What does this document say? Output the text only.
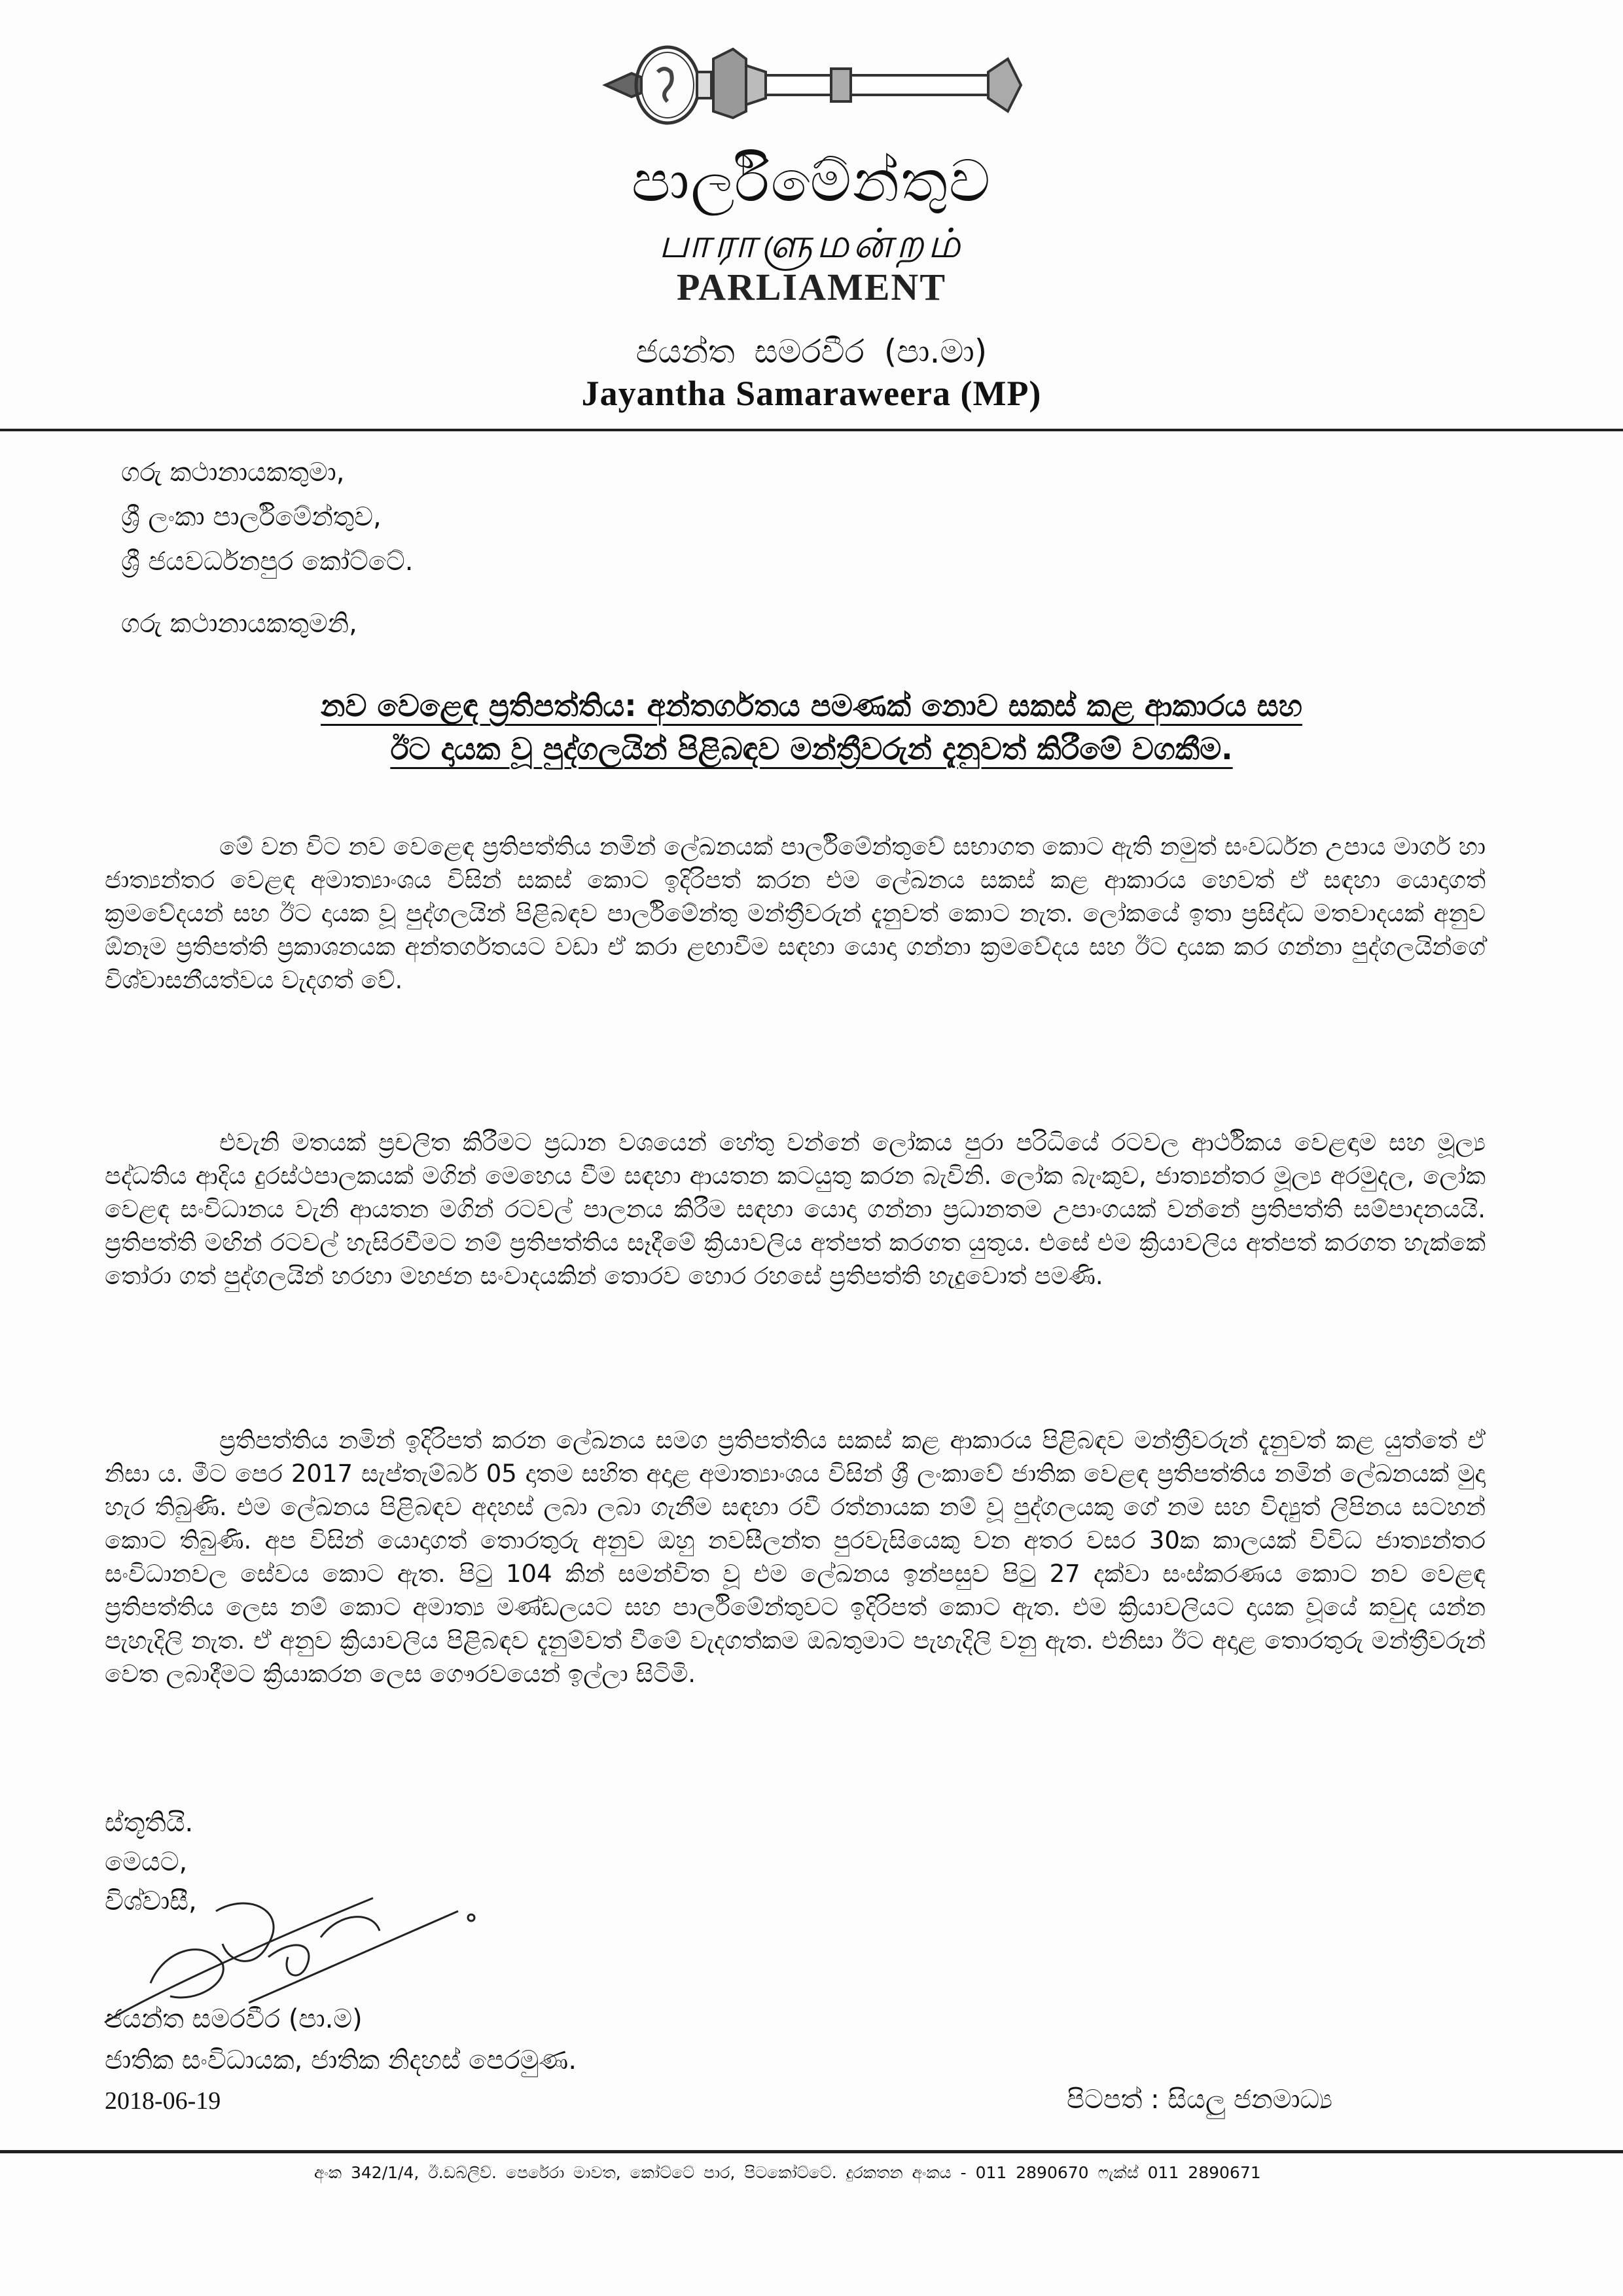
පාර්ලිමේන්තුව
பாராளுமன்றம்
PARLIAMENT
ජයන්ත සමරවීර (පා.මා)
Jayantha Samaraweera (MP)
ගරු කථානායකතුමා,
ශ්‍රී ලංකා පාර්ලිමේන්තුව,
ශ්‍රී ජයවර්ධනපුර කෝට්ටේ.
ගරු කථානායකතුමනි,
නව වෙළෙඳ ප්‍රතිපත්තිය: අන්තර්ගතය පමණක් නොව සකස් කළ ආකාරය සහ
ඊට දායක වූ පුද්ගලයින් පිළිබඳව මන්ත්‍රීවරුන් දැනුවත් කිරීමේ වගකීම.

මේ වන විට නව වෙළෙඳ ප්‍රතිපත්තිය නමින් ලේඛනයක් පාර්ලිමේන්තුවේ සභාගත කොට ඇති නමුත් සංවර්ධන උපාය මාර්ග හා ජාත්‍යන්තර වෙළඳ අමාත්‍යාංශය විසින් සකස් කොට ඉදිරිපත් කරන එම ලේඛනය සකස් කළ ආකාරය හෙවත් ඒ සඳහා යොදාගත් ක්‍රමවේදයන් සහ ඊට දායක වූ පුද්ගලයින් පිළිබඳව පාර්ලිමේන්තු මන්ත්‍රීවරුන් දැනුවත් කොට නැත. ලෝකයේ ඉතා ප්‍රසිද්ධ මතවාදයක් අනුව ඕනෑම ප්‍රතිපත්ති ප්‍රකාශනයක අන්තර්ගතයට වඩා ඒ කරා ළඟාවීම සඳහා යොදා ගන්නා ක්‍රමවේදය සහ ඊට දායක කර ගන්නා පුද්ගලයින්ගේ විශ්වාසනීයත්වය වැදගත් වේ.

එවැනි මතයක් ප්‍රචලිත කිරීමට ප්‍රධාන වශයෙන් හේතු වන්නේ ලෝකය පුරා පරිධියේ රටවල ආර්ථිකය වෙළඳාම සහ මූල්‍ය පද්ධතිය ආදිය දුරස්ථපාලකයක් මගින් මෙහෙය වීම සඳහා ආයතන කටයුතු කරන බැවිනි. ලෝක බැංකුව, ජාත්‍යන්තර මූල්‍ය අරමුදල, ලෝක වෙළඳ සංවිධානය වැනි ආයතන මගින් රටවල් පාලනය කිරීම සඳහා යොදා ගන්නා ප්‍රධානතම උපාංගයක් වන්නේ ප්‍රතිපත්ති සම්පාදනයයි. ප්‍රතිපත්ති මඟින් රටවල් හැසිරවීමට නම් ප්‍රතිපත්තිය සෑදීමේ ක්‍රියාවලිය අත්පත් කරගත යුතුය. එසේ එම ක්‍රියාවලිය අත්පත් කරගත හැක්කේ තෝරා ගත් පුද්ගලයින් හරහා මහජන සංවාදයකින් තොරව හොර රහසේ ප්‍රතිපත්ති හැදුවොත් පමණි.

ප්‍රතිපත්තිය නමින් ඉදිරිපත් කරන ලේඛනය සමග ප්‍රතිපත්තිය සකස් කළ ආකාරය පිළිබඳව මන්ත්‍රීවරුන් දැනුවත් කළ යුත්තේ ඒ නිසා ය. මීට පෙර 2017 සැප්තැම්බර් 05 දාතම සහිත අදාළ අමාත්‍යාංශය විසින් ශ්‍රී ලංකාවේ ජාතික වෙළඳ ප්‍රතිපත්තිය නමින් ලේඛනයක් මුදා හැර තිබුණි. එම ලේඛනය පිළිබඳව අදහස් ලබා ලබා ගැනීම සඳහා රවී රත්නායක නම් වූ පුද්ගලයකු ගේ නම සහ විද්‍යුත් ලිපිනය සටහන් කොට තිබුණි. අප විසින් යොදාගත් තොරතුරු අනුව ඔහු නවසීලන්ත පුරවැසියෙකු වන අතර වසර 30ක කාලයක් විවිධ ජාත්‍යන්තර සංවිධානවල සේවය කොට ඇත. පිටු 104 කින් සමන්විත වූ එම ලේඛනය ඉන්පසුව පිටු 27 දක්වා සංස්කරණය කොට නව වෙළඳ ප්‍රතිපත්තිය ලෙස නම් කොට අමාත්‍ය මණ්ඩලයට සහ පාර්ලිමේන්තුවට ඉදිරිපත් කොට ඇත. එම ක්‍රියාවලියට දායක වූයේ කවුද යන්න පැහැදිලි නැත. ඒ අනුව ක්‍රියාවලිය පිළිබඳව දැනුම්වත් වීමේ වැදගත්කම ඔබතුමාට පැහැදිලි වනු ඇත. එනිසා ඊට අදාළ තොරතුරු මන්ත්‍රීවරුන් වෙත ලබාදීමට ක්‍රියාකරන ලෙස ගෞරවයෙන් ඉල්ලා සිටිමි.

ස්තූතියි.
මෙයට,
විශ්වාසී,
ජයන්ත සමරවීර (පා.ම)
ජාතික සංවිධායක, ජාතික නිදහස් පෙරමුණ.
2018-06-19	පිටපත් : සියලු ජනමාධ්‍ය
අංක 342/1/4, ඊ.ඩබ්ලිව්. පෙරේරා මාවත, කෝට්ටේ පාර, පිටකෝට්ටේ. දුරකතන අංකය - 011 2890670 ෆැක්ස් 011 2890671
